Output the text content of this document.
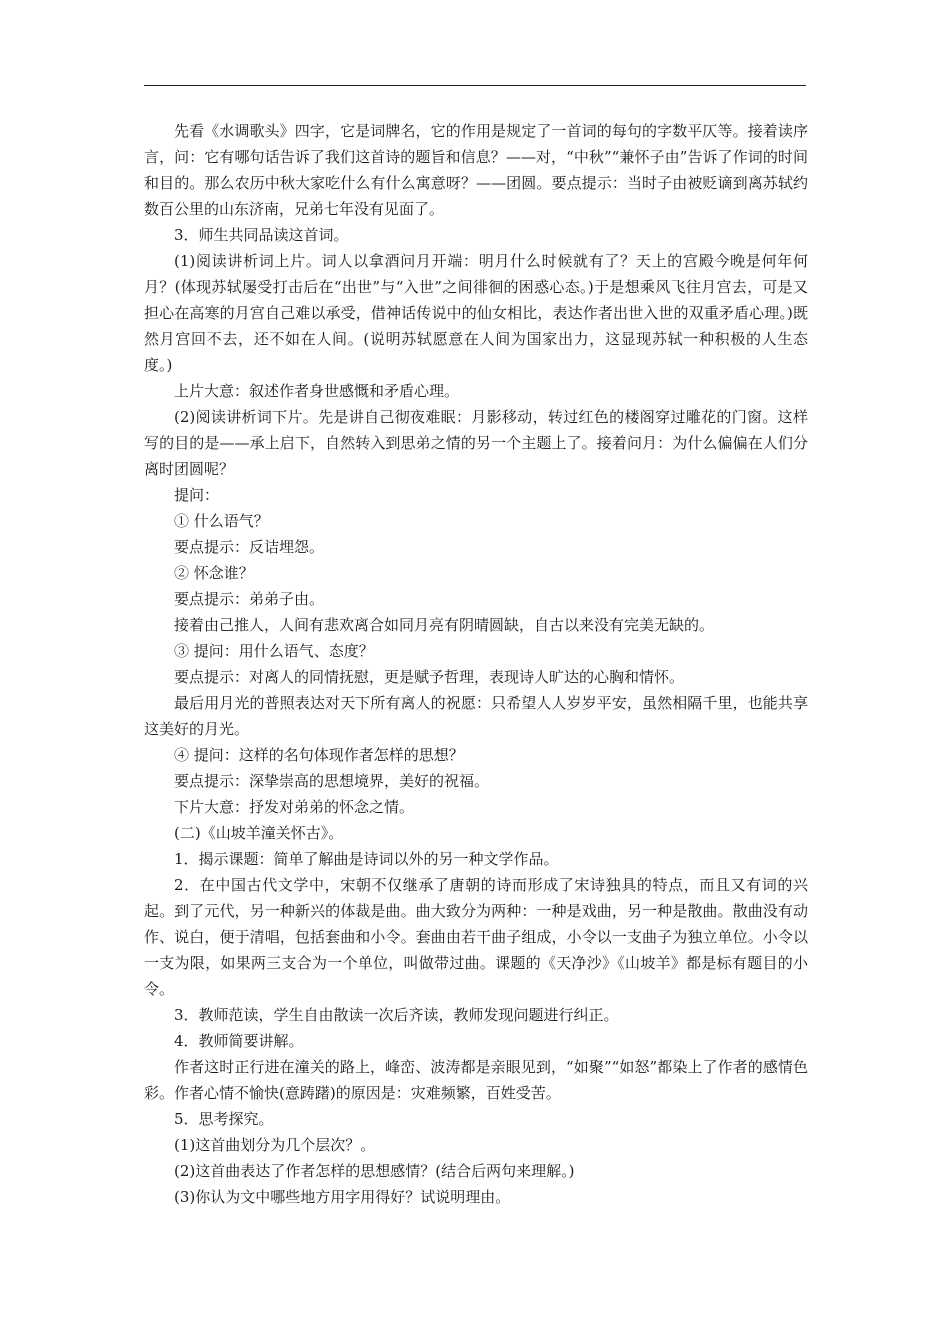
先看《水调歌头》四字，它是词牌名，它的作用是规定了一首词的每句的字数平仄等。接着读序言，问：它有哪句话告诉了我们这首诗的题旨和信息？——对，“中秋”“兼怀子由”告诉了作词的时间和目的。那么农历中秋大家吃什么有什么寓意呀？——团圆。要点提示：当时子由被贬谪到离苏轼约数百公里的山东济南，兄弟七年没有见面了。

3．师生共同品读这首词。

(1)阅读讲析词上片。词人以拿酒问月开端：明月什么时候就有了？天上的宫殿今晚是何年何月？(体现苏轼屡受打击后在“出世”与“入世”之间徘徊的困惑心态。)于是想乘风飞往月宫去，可是又担心在高寒的月宫自己难以承受，借神话传说中的仙女相比，表达作者出世入世的双重矛盾心理。)既然月宫回不去，还不如在人间。(说明苏轼愿意在人间为国家出力，这显现苏轼一种积极的人生态度。)

上片大意：叙述作者身世感慨和矛盾心理。

(2)阅读讲析词下片。先是讲自己彻夜难眠：月影移动，转过红色的楼阁穿过雕花的门窗。这样写的目的是——承上启下，自然转入到思弟之情的另一个主题上了。接着问月：为什么偏偏在人们分离时团圆呢？

提问：

① 什么语气？

要点提示：反诘埋怨。

② 怀念谁？

要点提示：弟弟子由。

接着由己推人，人间有悲欢离合如同月亮有阴晴圆缺，自古以来没有完美无缺的。

③ 提问：用什么语气、态度？

要点提示：对离人的同情抚慰，更是赋予哲理，表现诗人旷达的心胸和情怀。

最后用月光的普照表达对天下所有离人的祝愿：只希望人人岁岁平安，虽然相隔千里，也能共享这美好的月光。

④ 提问：这样的名句体现作者怎样的思想？

要点提示：深挚崇高的思想境界，美好的祝福。

下片大意：抒发对弟弟的怀念之情。

(二)《山坡羊潼关怀古》。

1．揭示课题：简单了解曲是诗词以外的另一种文学作品。

2．在中国古代文学中，宋朝不仅继承了唐朝的诗而形成了宋诗独具的特点，而且又有词的兴起。到了元代，另一种新兴的体裁是曲。曲大致分为两种：一种是戏曲，另一种是散曲。散曲没有动作、说白，便于清唱，包括套曲和小令。套曲由若干曲子组成，小令以一支曲子为独立单位。小令以一支为限，如果两三支合为一个单位，叫做带过曲。课题的《天净沙》《山坡羊》都是标有题目的小令。

3．教师范读，学生自由散读一次后齐读，教师发现问题进行纠正。

4．教师简要讲解。

作者这时正行进在潼关的路上，峰峦、波涛都是亲眼见到，“如聚”“如怒”都染上了作者的感情色彩。作者心情不愉快(意踌躇)的原因是：灾难频繁，百姓受苦。

5．思考探究。

(1)这首曲划分为几个层次？。

(2)这首曲表达了作者怎样的思想感情？(结合后两句来理解。)

(3)你认为文中哪些地方用字用得好？试说明理由。
